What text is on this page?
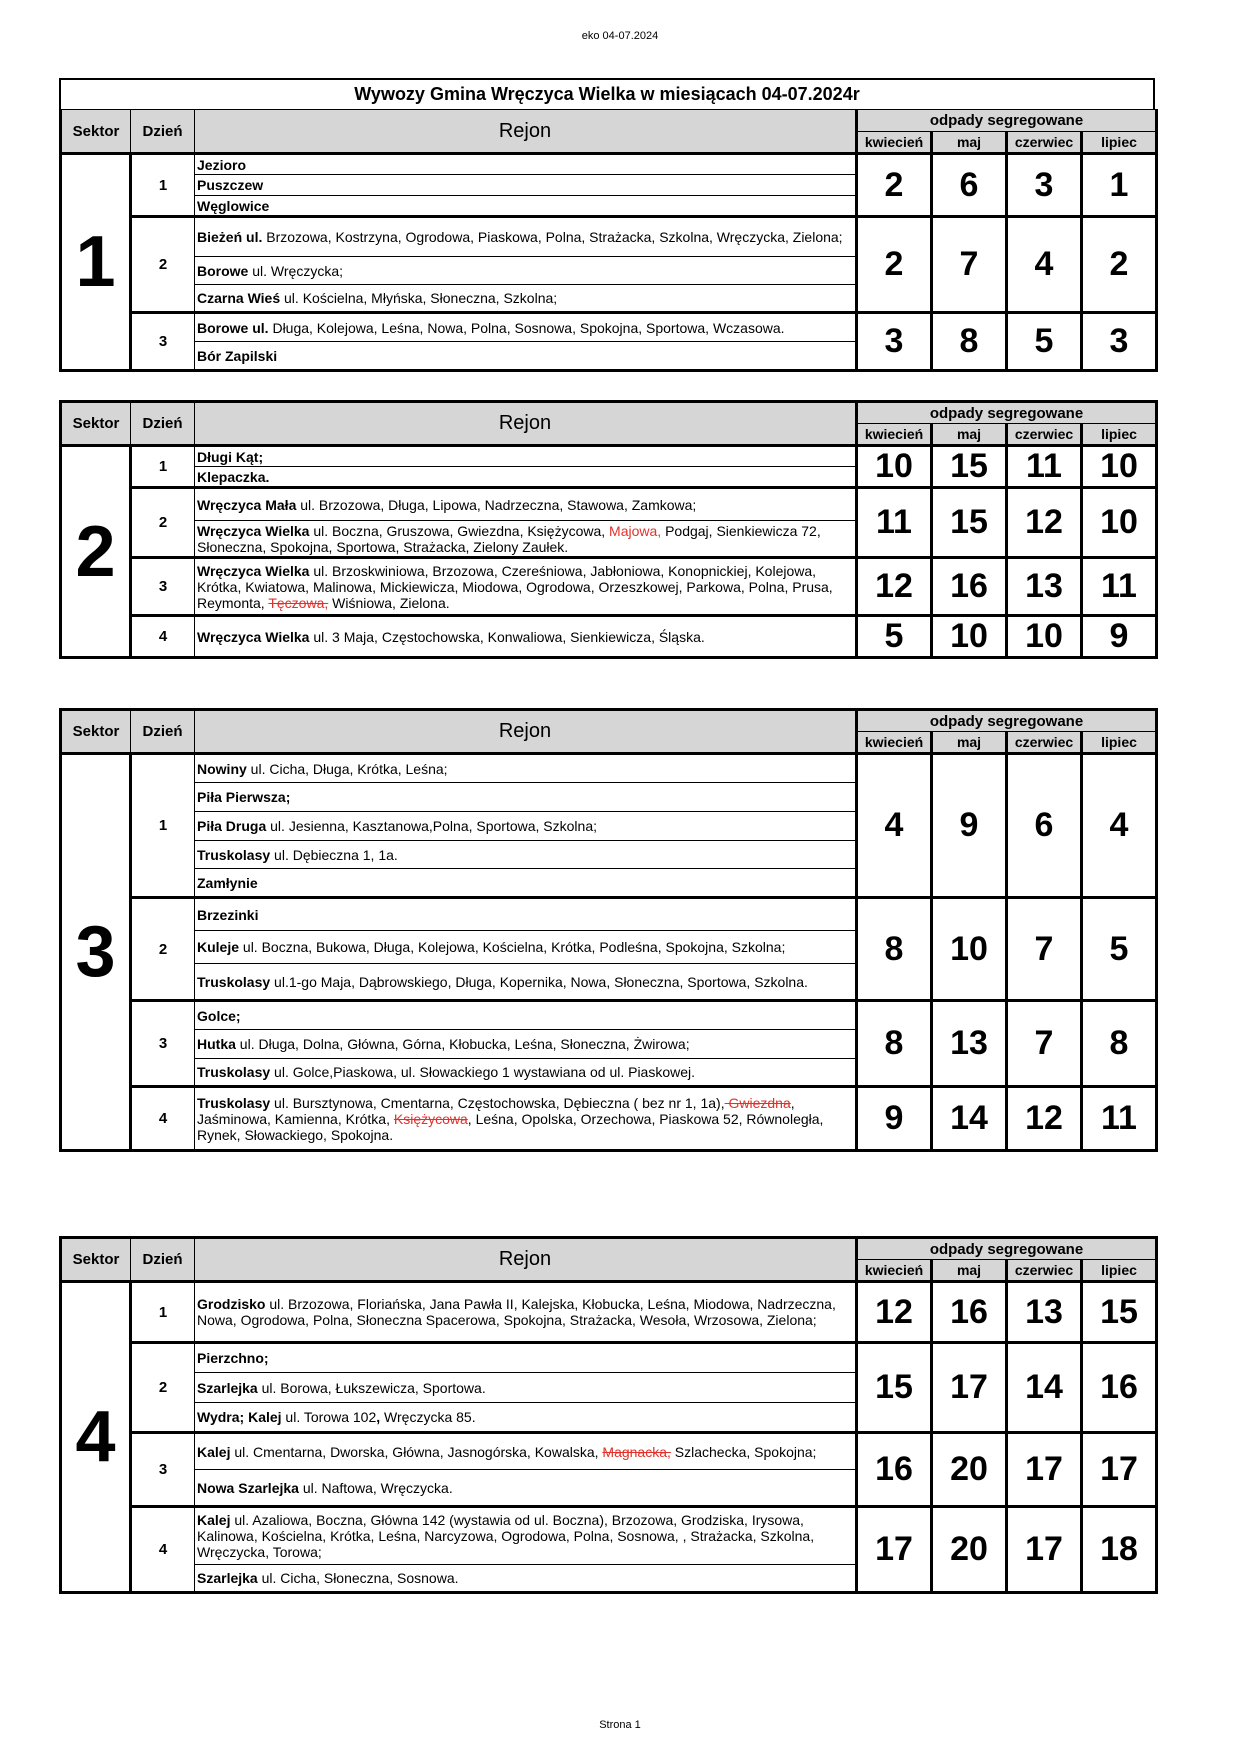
eko 04-07.2024
Wywozy Gmina Wręczyca Wielka w miesiącach 04-07.2024r
Sektor	Dzień	Rejon	odpady segregowane			
			kwiecień	maj	czerwiec	lipiec
1	1	Jezioro	2	6	3	1
		Puszczew				
		Węglowice				
	2	Bieżeń ul. Brzozowa, Kostrzyna, Ogrodowa, Piaskowa, Polna, Strażacka, Szkolna, Wręczycka, Zielona;	2	7	4	2
		Borowe ul. Wręczycka;				
		Czarna Wieś ul. Kościelna, Młyńska, Słoneczna, Szkolna;				
	3	Borowe ul. Długa, Kolejowa, Leśna, Nowa, Polna, Sosnowa, Spokojna, Sportowa, Wczasowa.	3	8	5	3
		Bór Zapilski				
Sektor	Dzień	Rejon	odpady segregowane			
			kwiecień	maj	czerwiec	lipiec
2	1	Długi Kąt;	10	15	11	10
		Klepaczka.				
	2	Wręczyca Mała ul. Brzozowa, Długa, Lipowa, Nadrzeczna, Stawowa, Zamkowa;	11	15	12	10
		Wręczyca Wielka ul. Boczna, Gruszowa, Gwiezdna, Księżycowa, Majowa, Podgaj, Sienkiewicza 72, Słoneczna, Spokojna, Sportowa, Strażacka, Zielony Zaułek.				
	3	Wręczyca Wielka ul. Brzoskwiniowa, Brzozowa, Czereśniowa, Jabłoniowa, Konopnickiej, Kolejowa, Krótka, Kwiatowa, Malinowa, Mickiewicza, Miodowa, Ogrodowa, Orzeszkowej, Parkowa, Polna, Prusa, Reymonta, Tęczowa, Wiśniowa, Zielona.	12	16	13	11
	4	Wręczyca Wielka ul. 3 Maja, Częstochowska, Konwaliowa, Sienkiewicza, Śląska.	5	10	10	9
Sektor	Dzień	Rejon	odpady segregowane			
			kwiecień	maj	czerwiec	lipiec
3	1	Nowiny ul. Cicha, Długa, Krótka, Leśna;	4	9	6	4
		Piła Pierwsza;				
		Piła Druga ul. Jesienna, Kasztanowa,Polna, Sportowa, Szkolna;				
		Truskolasy ul. Dębieczna 1, 1a.				
		Zamłynie				
	2	Brzezinki	8	10	7	5
		Kuleje ul. Boczna, Bukowa, Długa, Kolejowa, Kościelna, Krótka, Podleśna, Spokojna, Szkolna;				
		Truskolasy ul.1-go Maja, Dąbrowskiego, Długa, Kopernika, Nowa, Słoneczna, Sportowa, Szkolna.				
	3	Golce;	8	13	7	8
		Hutka ul. Długa, Dolna, Główna, Górna, Kłobucka, Leśna, Słoneczna, Żwirowa;				
		Truskolasy ul. Golce,Piaskowa, ul. Słowackiego 1 wystawiana od ul. Piaskowej.				
	4	Truskolasy ul. Bursztynowa, Cmentarna, Częstochowska, Dębieczna ( bez nr 1, 1a), Gwiezdna, Jaśminowa, Kamienna, Krótka, Księżycowa, Leśna, Opolska, Orzechowa, Piaskowa 52, Równoległa, Rynek, Słowackiego, Spokojna.	9	14	12	11
Sektor	Dzień	Rejon	odpady segregowane			
			kwiecień	maj	czerwiec	lipiec
4	1	Grodzisko ul. Brzozowa, Floriańska, Jana Pawła II, Kalejska, Kłobucka, Leśna, Miodowa, Nadrzeczna, Nowa, Ogrodowa, Polna, Słoneczna Spacerowa, Spokojna, Strażacka, Wesoła, Wrzosowa, Zielona;	12	16	13	15
	2	Pierzchno;	15	17	14	16
		Szarlejka ul. Borowa, Łukszewicza, Sportowa.				
		Wydra; Kalej ul. Torowa 102, Wręczycka 85.				
	3	Kalej ul. Cmentarna, Dworska, Główna, Jasnogórska, Kowalska, Magnacka, Szlachecka, Spokojna;	16	20	17	17
		Nowa Szarlejka ul. Naftowa, Wręczycka.				
	4	Kalej ul. Azaliowa, Boczna, Główna 142 (wystawia od ul. Boczna), Brzozowa, Grodziska, Irysowa, Kalinowa, Kościelna, Krótka, Leśna, Narcyzowa, Ogrodowa, Polna, Sosnowa, , Strażacka, Szkolna, Wręczycka, Torowa;	17	20	17	18
		Szarlejka ul. Cicha, Słoneczna, Sosnowa.				
Strona 1
